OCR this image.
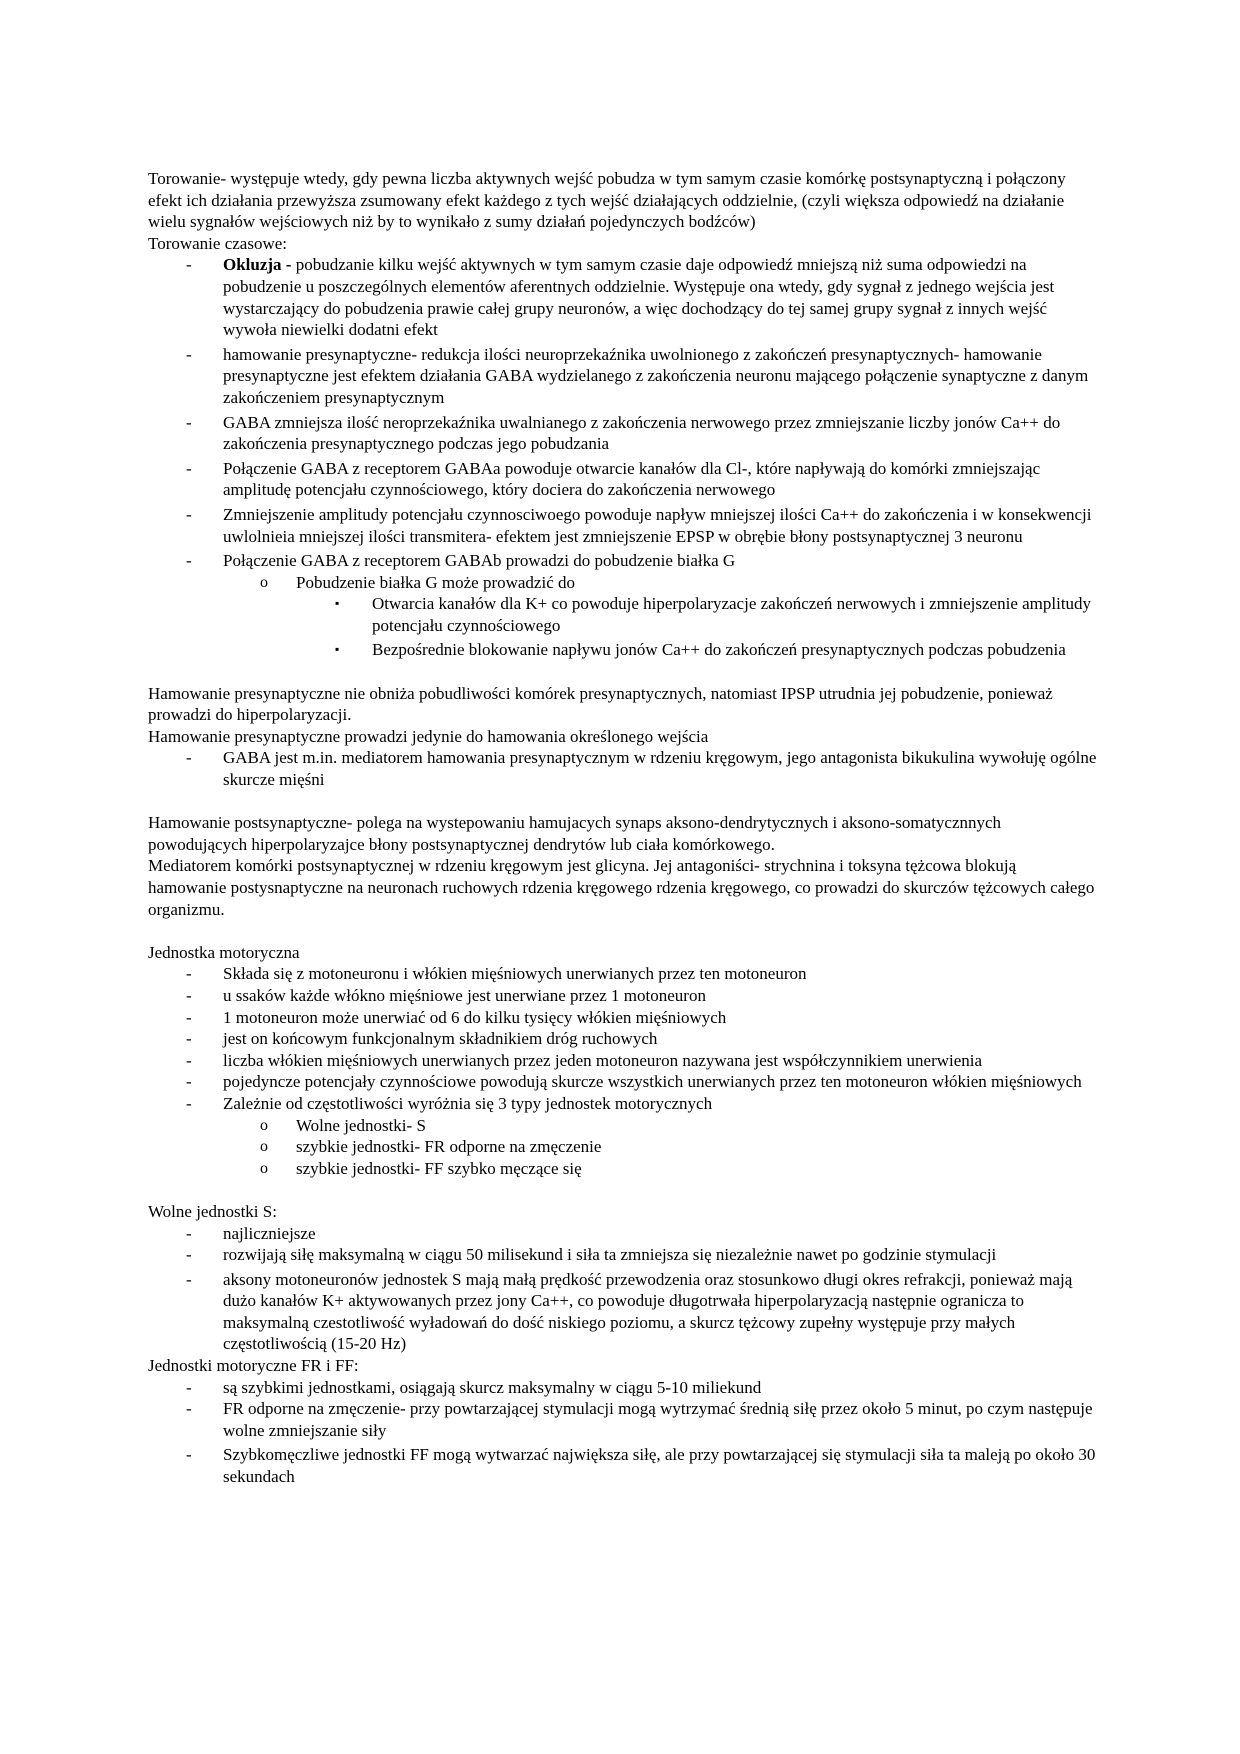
Torowanie- występuje wtedy, gdy pewna liczba aktywnych wejść pobudza w tym samym czasie komórkę postsynaptyczną i połączony efekt ich działania przewyższa zsumowany efekt każdego z tych wejść działających oddzielnie, (czyli większa odpowiedź na działanie wielu sygnałów wejściowych niż by to wynikało z sumy działań pojedynczych bodźców)

Torowanie czasowe:

- Okluzja - pobudzanie kilku wejść aktywnych w tym samym czasie daje odpowiedź mniejszą niż suma odpowiedzi na pobudzenie u poszczególnych elementów aferentnych oddzielnie. Występuje ona wtedy, gdy sygnał z jednego wejścia jest wystarczający do pobudzenia prawie całej grupy neuronów, a więc dochodzący do tej samej grupy sygnał z innych wejść wywoła niewielki dodatni efekt
- hamowanie presynaptyczne- redukcja ilości neuroprzekaźnika uwolnionego z zakończeń presynaptycznych- hamowanie presynaptyczne jest efektem działania GABA wydzielanego z zakończenia neuronu mającego połączenie synaptyczne z danym zakończeniem presynaptycznym
- GABA zmniejsza ilość neroprzekaźnika uwalnianego z zakończenia nerwowego przez zmniejszanie liczby jonów Ca++ do zakończenia presynaptycznego podczas jego pobudzania
- Połączenie GABA z receptorem GABAa powoduje otwarcie kanałów dla Cl-, które napływają do komórki zmniejszając amplitudę potencjału czynnościowego, który dociera do zakończenia nerwowego
- Zmniejszenie amplitudy potencjału czynnosciwoego powoduje napływ mniejszej ilości Ca++ do zakończenia i w konsekwencji uwlolnieia mniejszej ilości transmitera- efektem jest zmniejszenie EPSP w obrębie błony postsynaptycznej 3 neuronu
- Połączenie GABA z receptorem GABAb prowadzi do pobudzenie białka G
o Pobudzenie białka G może prowadzić do
▪ Otwarcia kanałów dla K+ co powoduje hiperpolaryzacje zakończeń nerwowych i zmniejszenie amplitudy potencjału czynnościowego
▪ Bezpośrednie blokowanie napływu jonów Ca++ do zakończeń presynaptycznych podczas pobudzenia

Hamowanie presynaptyczne nie obniża pobudliwości komórek presynaptycznych, natomiast IPSP utrudnia jej pobudzenie, ponieważ prowadzi do hiperpolaryzacji.

Hamowanie presynaptyczne prowadzi jedynie do hamowania określonego wejścia

- GABA jest m.in. mediatorem hamowania presynaptycznym w rdzeniu kręgowym, jego antagonista bikukulina wywołuję ogólne skurcze mięśni

Hamowanie postsynaptyczne- polega na wystepowaniu hamujacych synaps aksono-dendrytycznych i aksono-somatycznnych powodujących hiperpolaryzajce błony postsynaptycznej dendrytów lub ciała komórkowego.

Mediatorem komórki postsynaptycznej w rdzeniu kręgowym jest glicyna. Jej antagoniści- strychnina i toksyna tężcowa blokują hamowanie postysnaptyczne na neuronach ruchowych rdzenia kręgowego rdzenia kręgowego, co prowadzi do skurczów tężcowych całego organizmu.

Jednostka motoryczna

- Składa się z motoneuronu i włókien mięśniowych unerwianych przez ten motoneuron
- u ssaków każde włókno mięśniowe jest unerwiane przez 1 motoneuron
- 1 motoneuron może unerwiać od 6 do kilku tysięcy włókien mięśniowych
- jest on końcowym funkcjonalnym składnikiem dróg ruchowych
- liczba włókien mięśniowych unerwianych przez jeden motoneuron nazywana jest współczynnikiem unerwienia
- pojedyncze potencjały czynnościowe powodują skurcze wszystkich unerwianych przez ten motoneuron włókien mięśniowych
- Zależnie od częstotliwości wyróżnia się 3 typy jednostek motorycznych
o Wolne jednostki- S
o szybkie jednostki- FR odporne na zmęczenie
o szybkie jednostki- FF szybko męczące się

Wolne jednostki S:

- najliczniejsze
- rozwijają siłę maksymalną w ciągu 50 milisekund i siła ta zmniejsza się niezależnie nawet po godzinie stymulacji
- aksony motoneuronów jednostek S mają małą prędkość przewodzenia oraz stosunkowo długi okres refrakcji, ponieważ mają dużo kanałów K+ aktywowanych przez jony Ca++, co powoduje długotrwała hiperpolaryzacją następnie ogranicza to maksymalną czestotliwość wyładowań do dość niskiego poziomu, a skurcz tężcowy zupełny występuje przy małych częstotliwością (15-20 Hz)

Jednostki motoryczne FR i FF:

- są szybkimi jednostkami, osiągają skurcz maksymalny w ciągu 5-10 miliekund
- FR odporne na zmęczenie- przy powtarzającej stymulacji mogą wytrzymać średnią siłę przez około 5 minut, po czym następuje wolne zmniejszanie siły
- Szybkomęczliwe jednostki FF mogą wytwarzać największa siłę, ale przy powtarzającej się stymulacji siła ta maleją po około 30 sekundach
